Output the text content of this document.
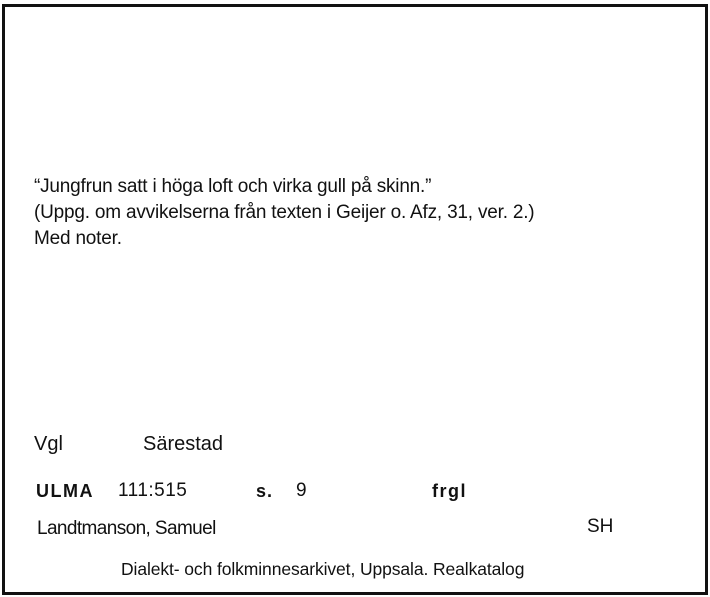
“Jungfrun satt i höga loft och virka gull på skinn.”
(Uppg. om avvikelserna från texten i Geijer o. Afz, 31, ver. 2.)
Med noter.
Vgl	Särestad
ULMA 111:515	s. 9	frgl
Landtmanson, Samuel	SH
Dialekt- och folkminnesarkivet, Uppsala. Realkatalog
